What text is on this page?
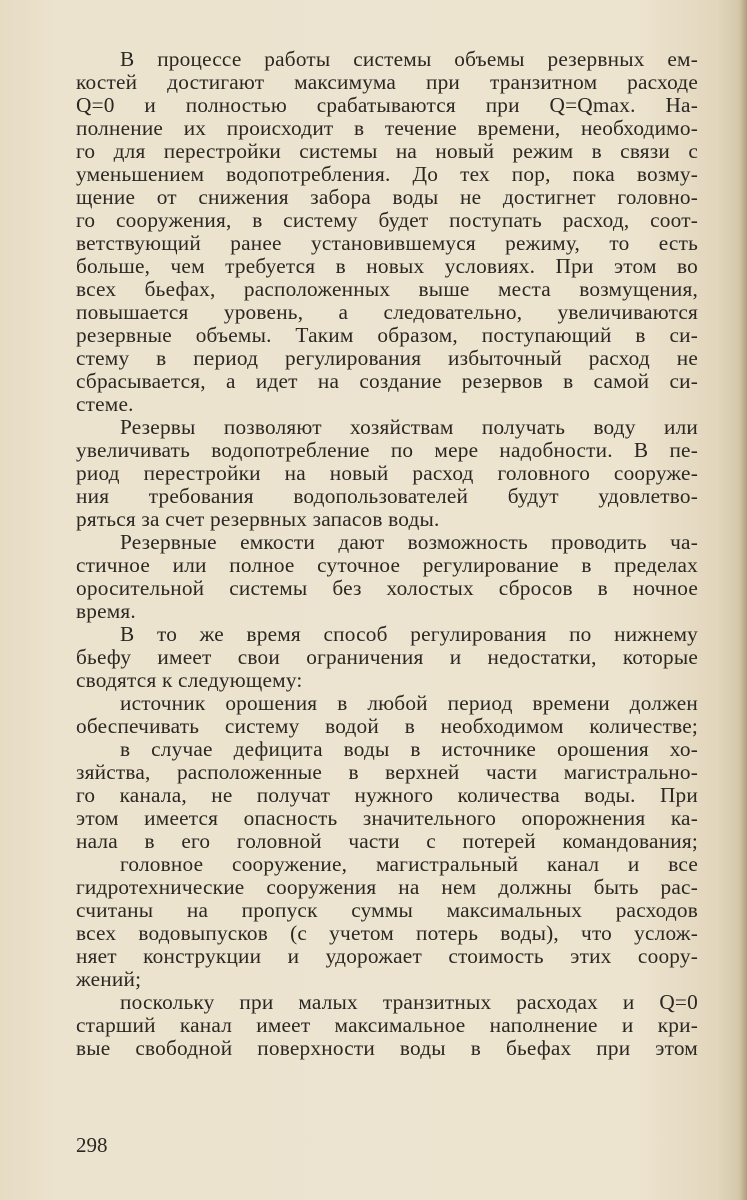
В процессе работы системы объемы резервных ем-
костей достигают максимума при транзитном расходе
Q=0 и полностью срабатываются при Q=Qmax. На-
полнение их происходит в течение времени, необходимо-
го для перестройки системы на новый режим в связи с
уменьшением водопотребления. До тех пор, пока возму-
щение от снижения забора воды не достигнет головно-
го сооружения, в систему будет поступать расход, соот-
ветствующий ранее установившемуся режиму, то есть
больше, чем требуется в новых условиях. При этом во
всех бьефах, расположенных выше места возмущения,
повышается уровень, а следовательно, увеличиваются
резервные объемы. Таким образом, поступающий в си-
стему в период регулирования избыточный расход не
сбрасывается, а идет на создание резервов в самой си-
стеме.
Резервы позволяют хозяйствам получать воду или
увеличивать водопотребление по мере надобности. В пе-
риод перестройки на новый расход головного сооруже-
ния требования водопользователей будут удовлетво-
ряться за счет резервных запасов воды.
Резервные емкости дают возможность проводить ча-
стичное или полное суточное регулирование в пределах
оросительной системы без холостых сбросов в ночное
время.
В то же время способ регулирования по нижнему
бьефу имеет свои ограничения и недостатки, которые
сводятся к следующему:
источник орошения в любой период времени должен
обеспечивать систему водой в необходимом количестве;
в случае дефицита воды в источнике орошения хо-
зяйства, расположенные в верхней части магистрально-
го канала, не получат нужного количества воды. При
этом имеется опасность значительного опорожнения ка-
нала в его головной части с потерей командования;
головное сооружение, магистральный канал и все
гидротехнические сооружения на нем должны быть рас-
считаны на пропуск суммы максимальных расходов
всех водовыпусков (с учетом потерь воды), что услож-
няет конструкции и удорожает стоимость этих соору-
жений;
поскольку при малых транзитных расходах и Q=0
старший канал имеет максимальное наполнение и кри-
вые свободной поверхности воды в бьефах при этом
298
